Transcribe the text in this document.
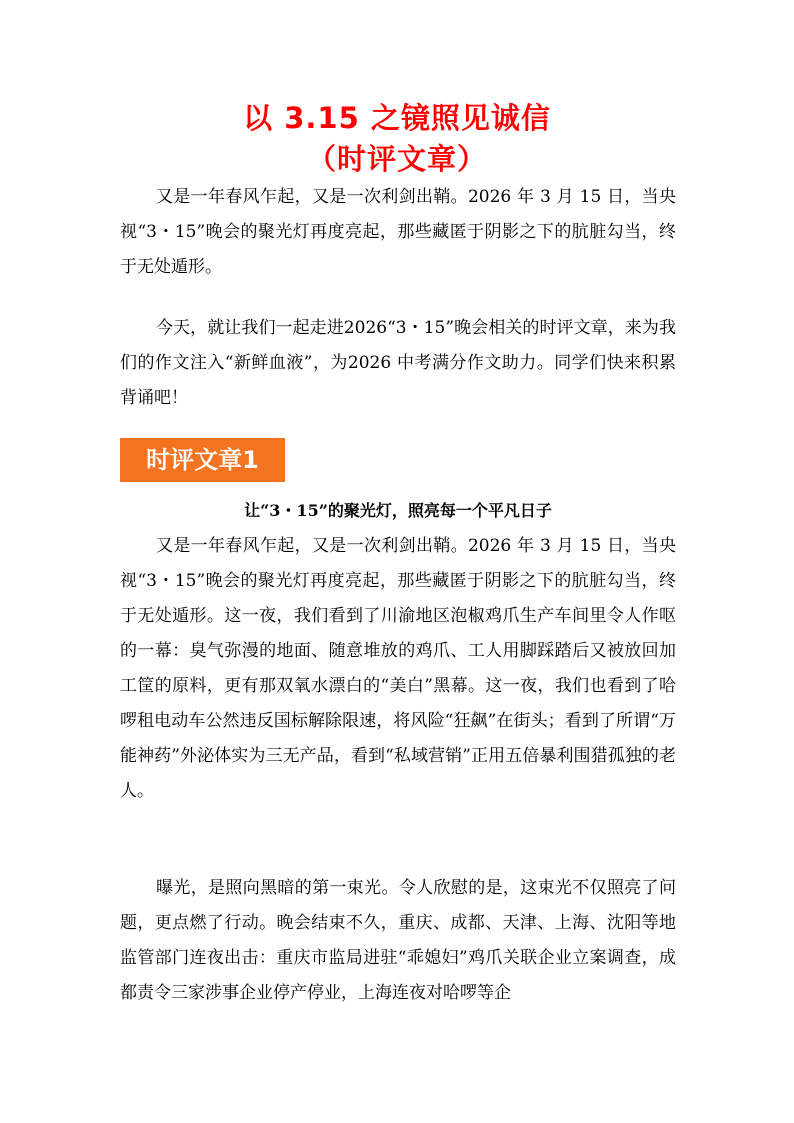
以 3.15 之镜照见诚信
（时评文章）

又是一年春风乍起，又是一次利剑出鞘。2026 年 3 月 15 日，当央视“3・15”晚会的聚光灯再度亮起，那些藏匿于阴影之下的肮脏勾当，终于无处遁形。

今天，就让我们一起走进2026“3・15”晚会相关的时评文章，来为我们的作文注入“新鲜血液”，为2026 中考满分作文助力。同学们快来积累背诵吧！

时评文章1
让“3・15”的聚光灯，照亮每一个平凡日子

又是一年春风乍起，又是一次利剑出鞘。2026 年 3 月 15 日，当央视“3・15”晚会的聚光灯再度亮起，那些藏匿于阴影之下的肮脏勾当，终于无处遁形。这一夜，我们看到了川渝地区泡椒鸡爪生产车间里令人作呕的一幕：臭气弥漫的地面、随意堆放的鸡爪、工人用脚踩踏后又被放回加工筐的原料，更有那双氧水漂白的“美白”黑幕。这一夜，我们也看到了哈啰租电动车公然违反国标解除限速，将风险“狂飙”在街头；看到了所谓“万能神药”外泌体实为三无产品，看到“私域营销”正用五倍暴利围猎孤独的老人。

曝光，是照向黑暗的第一束光。令人欣慰的是，这束光不仅照亮了问题，更点燃了行动。晚会结束不久，重庆、成都、天津、上海、沈阳等地监管部门连夜出击：重庆市监局进驻“乖媳妇”鸡爪关联企业立案调查，成都责令三家涉事企业停产停业，上海连夜对哈啰等企
